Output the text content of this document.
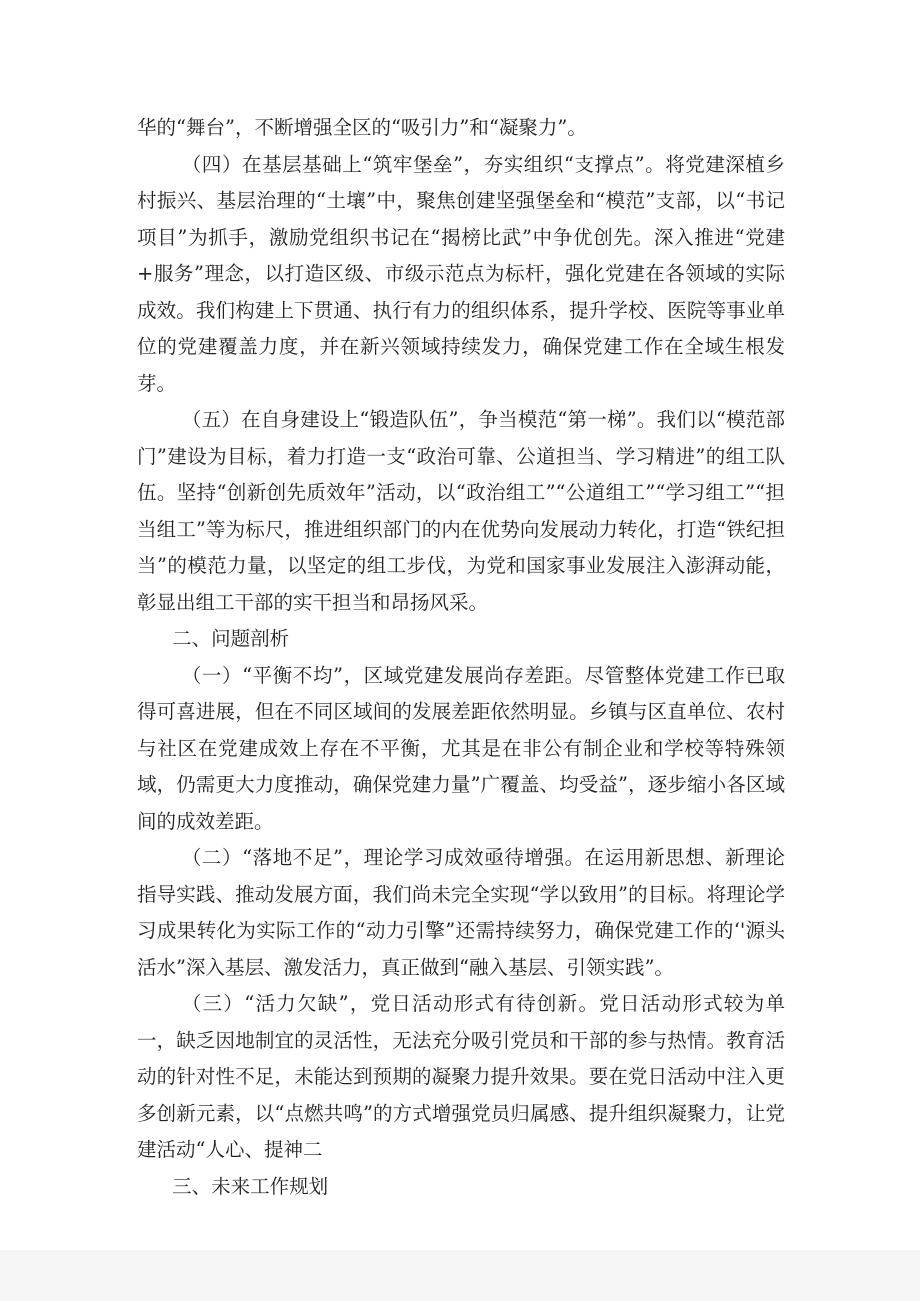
华的“舞台”，不断增强全区的“吸引力”和“凝聚力”。

（四）在基层基础上“筑牢堡垒”，夯实组织“支撑点”。将党建深植乡村振兴、基层治理的“土壤”中，聚焦创建坚强堡垒和“模范”支部，以“书记项目”为抓手，激励党组织书记在“揭榜比武”中争优创先。深入推进“党建+服务”理念，以打造区级、市级示范点为标杆，强化党建在各领域的实际成效。我们构建上下贯通、执行有力的组织体系，提升学校、医院等事业单位的党建覆盖力度，并在新兴领域持续发力，确保党建工作在全域生根发芽。

（五）在自身建设上“锻造队伍”，争当模范“第一梯”。我们以“模范部门”建设为目标，着力打造一支“政治可靠、公道担当、学习精进”的组工队伍。坚持“创新创先质效年”活动，以“政治组工”“公道组工”“学习组工”“担当组工”等为标尺，推进组织部门的内在优势向发展动力转化，打造“铁纪担当”的模范力量，以坚定的组工步伐，为党和国家事业发展注入澎湃动能，彰显出组工干部的实干担当和昂扬风采。

二、问题剖析

（一）“平衡不均”，区域党建发展尚存差距。尽管整体党建工作已取得可喜进展，但在不同区域间的发展差距依然明显。乡镇与区直单位、农村与社区在党建成效上存在不平衡，尤其是在非公有制企业和学校等特殊领域，仍需更大力度推动，确保党建力量”广覆盖、均受益”，逐步缩小各区域间的成效差距。

（二）“落地不足”，理论学习成效亟待增强。在运用新思想、新理论指导实践、推动发展方面，我们尚未完全实现“学以致用”的目标。将理论学习成果转化为实际工作的“动力引擎”还需持续努力，确保党建工作的‘'源头活水”深入基层、激发活力，真正做到“融入基层、引领实践”。

（三）“活力欠缺”，党日活动形式有待创新。党日活动形式较为单一，缺乏因地制宜的灵活性，无法充分吸引党员和干部的参与热情。教育活动的针对性不足，未能达到预期的凝聚力提升效果。要在党日活动中注入更多创新元素，以“点燃共鸣”的方式增强党员归属感、提升组织凝聚力，让党建活动“人心、提神二

三、未来工作规划
